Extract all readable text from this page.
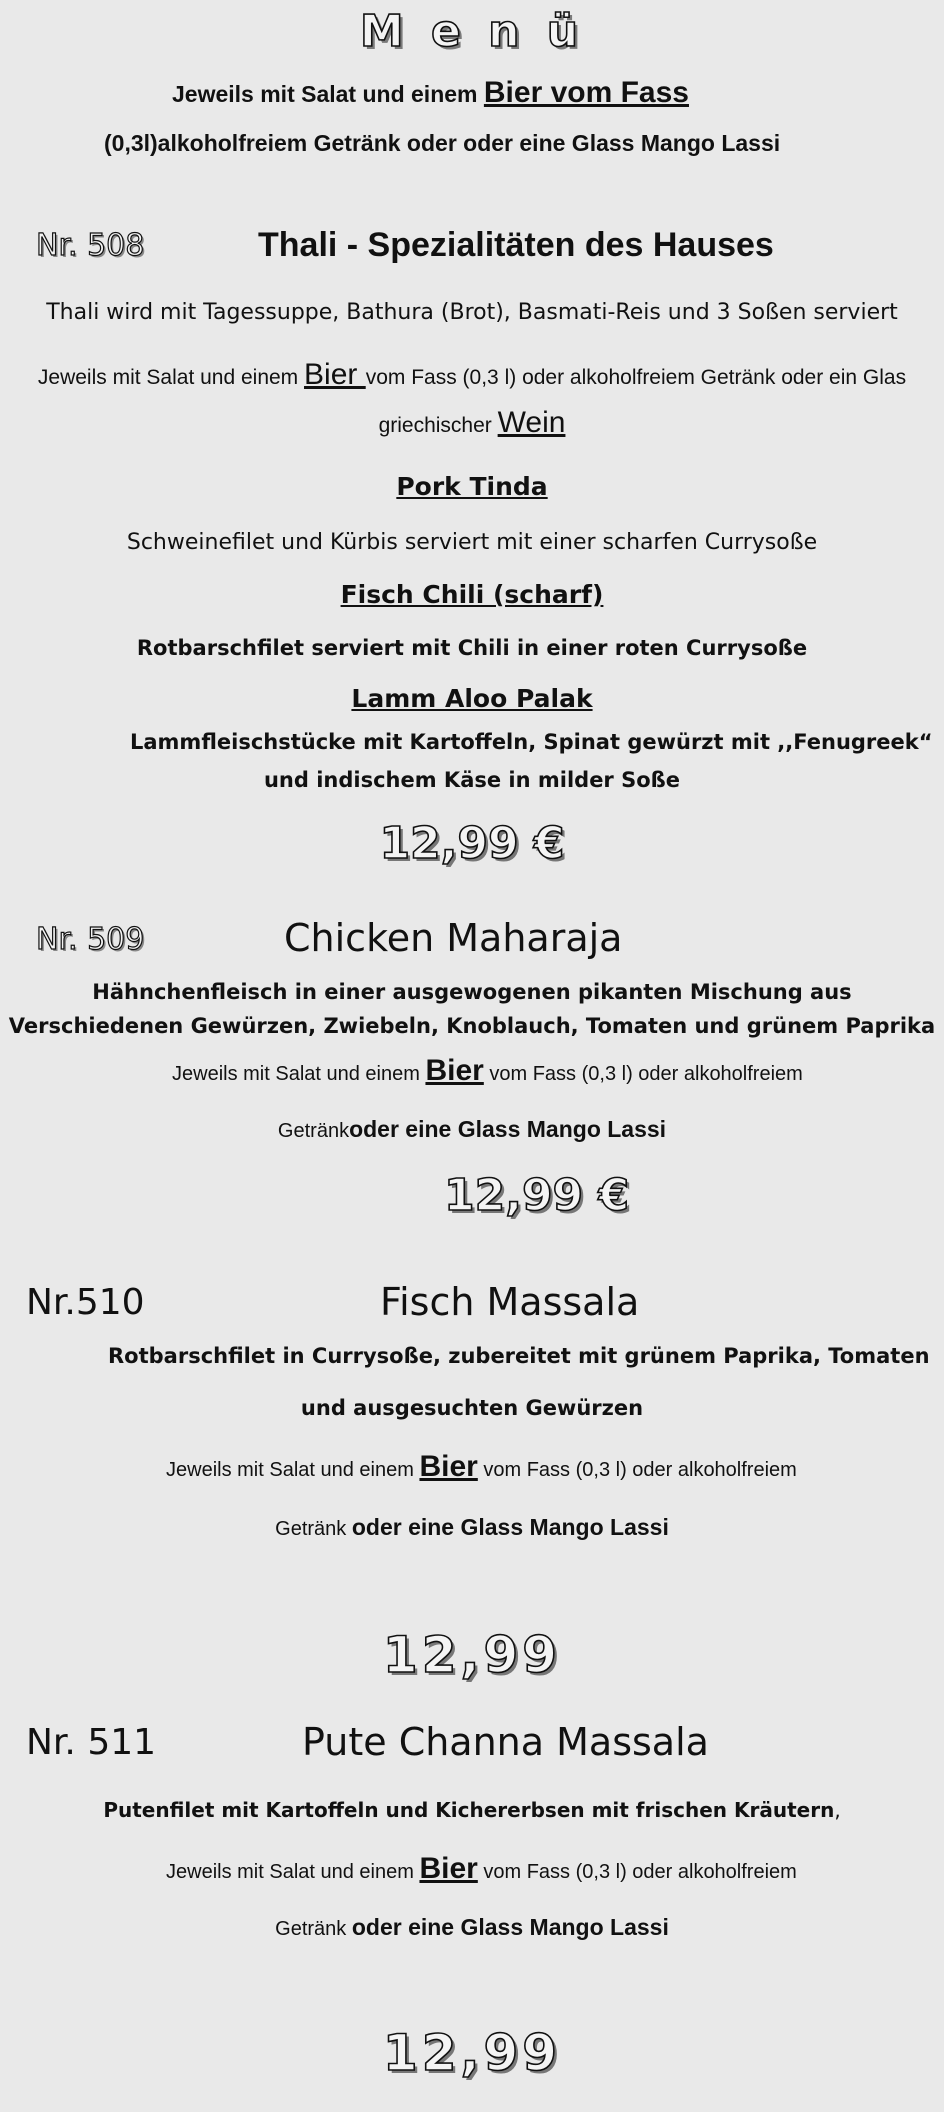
M e n ü
Jeweils mit Salat und einem Bier vom Fass
(0,3l)alkoholfreiem Getränk oder oder eine Glass Mango Lassi
Nr. 508	Thali - Spezialitäten des Hauses
Thali wird mit Tagessuppe, Bathura (Brot), Basmati-Reis und 3 Soßen serviert
Jeweils mit Salat und einem Bier vom Fass (0,3 l) oder alkoholfreiem Getränk oder ein Glas
griechischer Wein
Pork Tinda
Schweinefilet und Kürbis serviert mit einer scharfen Currysoße
Fisch Chili (scharf)
Rotbarschfilet serviert mit Chili in einer roten Currysoße
Lamm Aloo Palak
Lammfleischstücke mit Kartoffeln, Spinat gewürzt mit ,,Fenugreek“
und indischem Käse in milder Soße
12,99 €
Nr. 509	Chicken Maharaja
Hähnchenfleisch in einer ausgewogenen pikanten Mischung aus
Verschiedenen Gewürzen, Zwiebeln, Knoblauch, Tomaten und grünem Paprika
Jeweils mit Salat und einem Bier vom Fass (0,3 l) oder alkoholfreiem
Getränkoder eine Glass Mango Lassi
12,99 €
Nr.510	Fisch Massala
Rotbarschfilet in Currysoße, zubereitet mit grünem Paprika, Tomaten
und ausgesuchten Gewürzen
Jeweils mit Salat und einem Bier vom Fass (0,3 l) oder alkoholfreiem
Getränk oder eine Glass Mango Lassi
12,99
Nr. 511	Pute Channa Massala
Putenfilet mit Kartoffeln und Kichererbsen mit frischen Kräutern,
Jeweils mit Salat und einem Bier vom Fass (0,3 l) oder alkoholfreiem
Getränk oder eine Glass Mango Lassi
12,99
